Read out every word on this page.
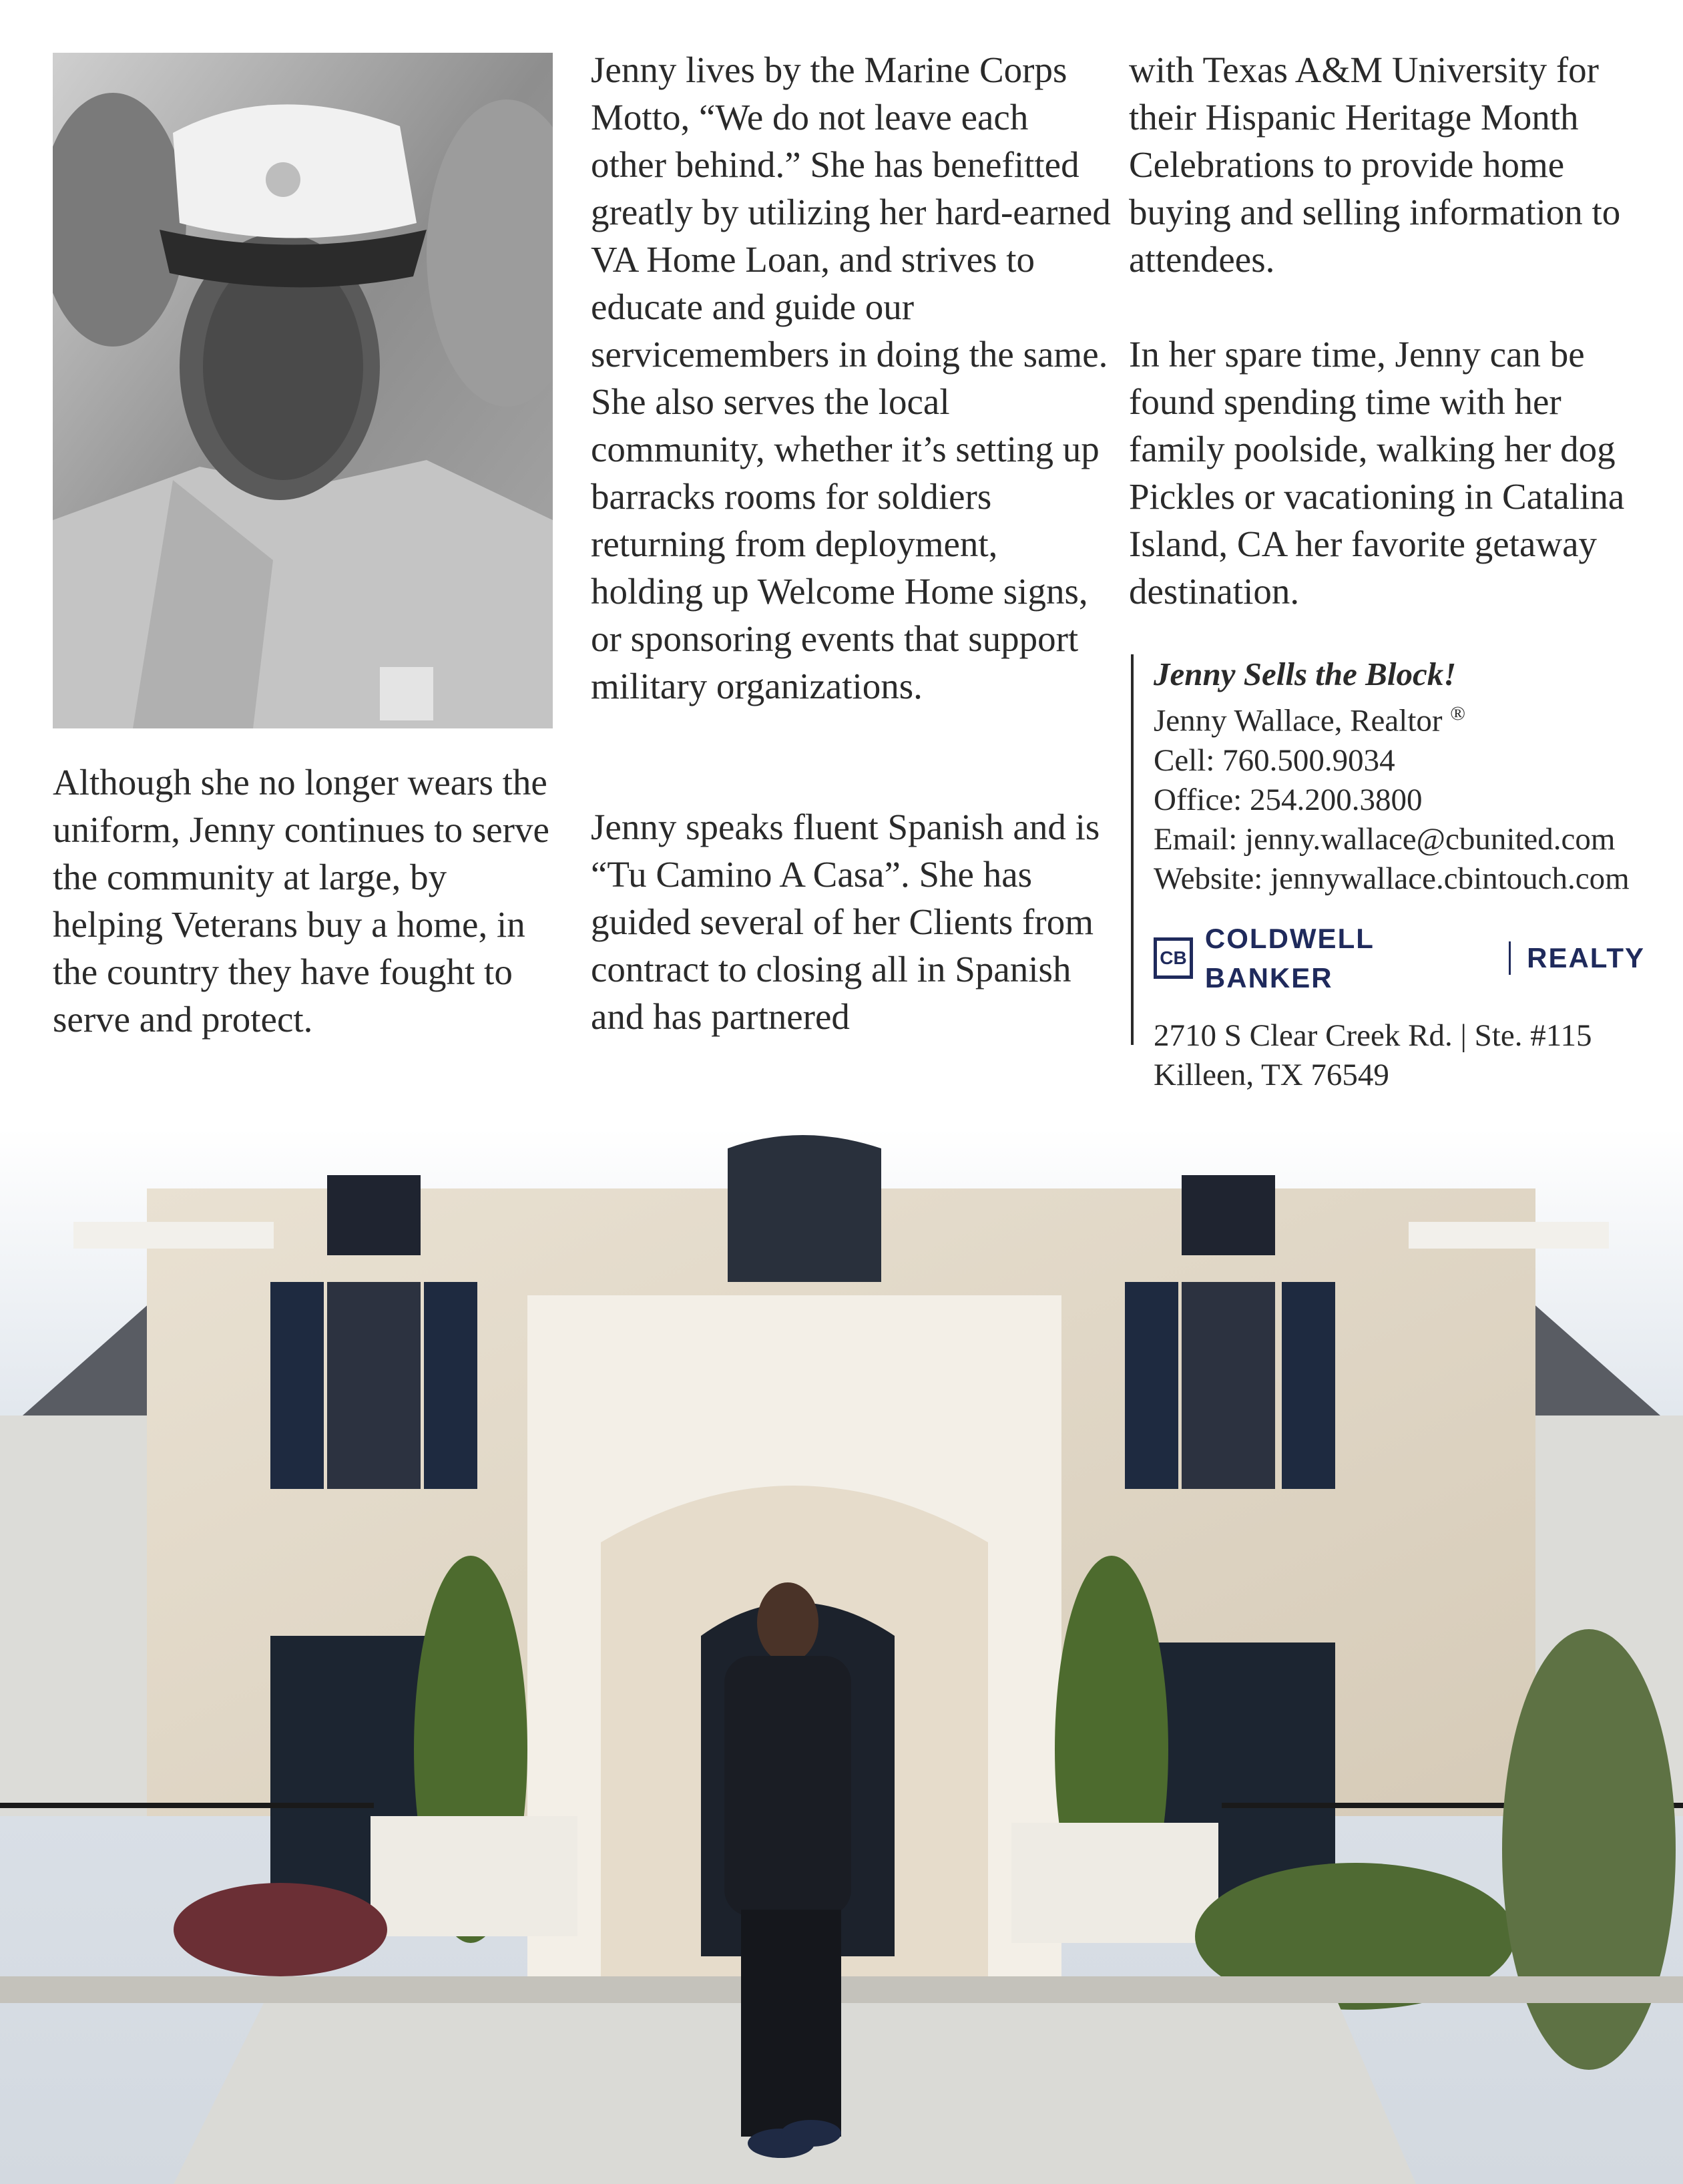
Although she no longer wears the uniform, Jenny continues to serve the community at large, by helping Veterans buy a home, in the country they have fought to serve and protect.

Jenny lives by the Marine Corps Motto, “We do not leave each other behind.” She has benefitted greatly by utilizing her hard-earned VA Home Loan, and strives to educate and guide our servicemembers in doing the same. She also serves the local community, whether it’s setting up barracks rooms for soldiers returning from deployment, holding up Welcome Home signs, or sponsoring events that support military organizations.

Jenny speaks fluent Spanish and is “Tu Camino A Casa”. She has guided several of her Clients from contract to closing all in Spanish and has partnered

with Texas A&M University for their Hispanic Heritage Month Celebrations to provide home buying and selling information to attendees.

In her spare time, Jenny can be found spending time with her family poolside, walking her dog Pickles or vacationing in Catalina Island, CA her favorite getaway destination.

Jenny Sells the Block!
Jenny Wallace, Realtor ®
Cell: 760.500.9034
Office: 254.200.3800
Email: jenny.wallace@cbunited.com
Website: jennywallace.cbintouch.com
CB
COLDWELL BANKER
REALTY
2710 S Clear Creek Rd. | Ste. #115
Killeen, TX 76549
